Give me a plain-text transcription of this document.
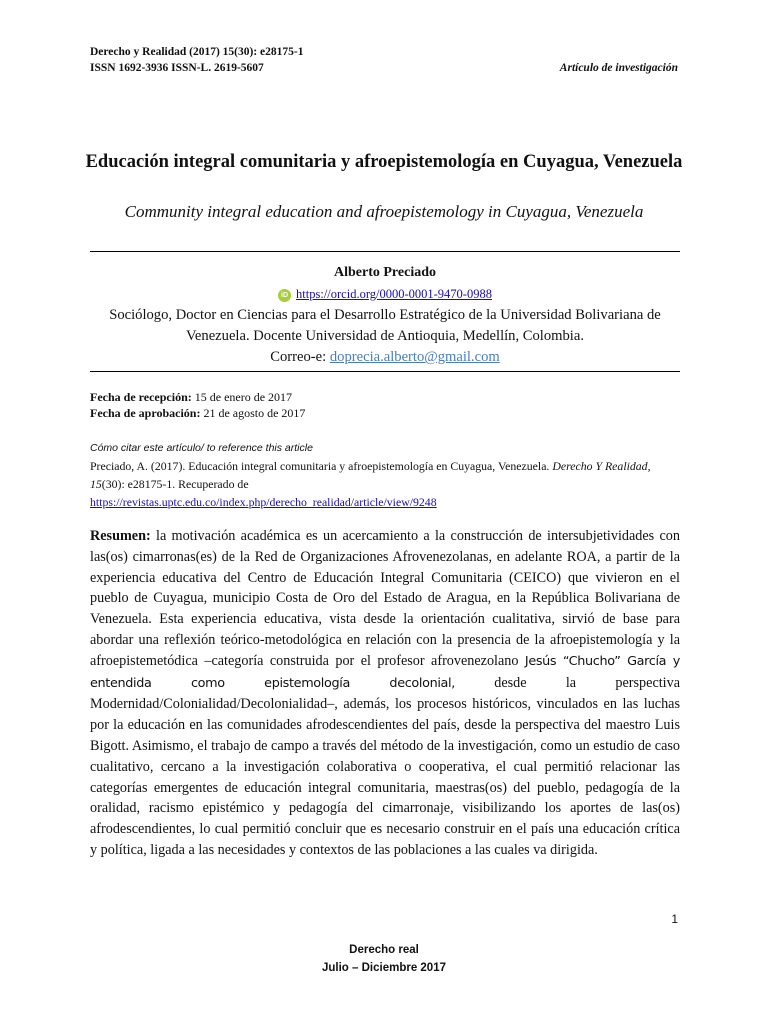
Derecho y Realidad (2017) 15(30): e28175-1
ISSN 1692-3936 ISSN-L. 2619-5607	Artículo de investigación
Educación integral comunitaria y afroepistemología en Cuyagua, Venezuela
Community integral education and afroepistemology in Cuyagua, Venezuela
Alberto Preciado
iD https://orcid.org/0000-0001-9470-0988
Sociólogo, Doctor en Ciencias para el Desarrollo Estratégico de la Universidad Bolivariana de
Venezuela. Docente Universidad de Antioquia, Medellín, Colombia.
Correo-e: doprecia.alberto@gmail.com
Fecha de recepción: 15 de enero de 2017
Fecha de aprobación: 21 de agosto de 2017
Cómo citar este artículo/ to reference this article
Preciado, A. (2017). Educación integral comunitaria y afroepistemología en Cuyagua, Venezuela. Derecho Y Realidad, 15(30): e28175-1. Recuperado de
https://revistas.uptc.edu.co/index.php/derecho_realidad/article/view/9248
Resumen: la motivación académica es un acercamiento a la construcción de intersubjetividades con las(os) cimarronas(es) de la Red de Organizaciones Afrovenezolanas, en adelante ROA, a partir de la experiencia educativa del Centro de Educación Integral Comunitaria (CEICO) que vivieron en el pueblo de Cuyagua, municipio Costa de Oro del Estado de Aragua, en la República Bolivariana de Venezuela. Esta experiencia educativa, vista desde la orientación cualitativa, sirvió de base para abordar una reflexión teórico-metodológica en relación con la presencia de la afroepistemología y la afroepistemetódica –categoría construida por el profesor afrovenezolano Jesús “Chucho” García y entendida como epistemología decolonial,	desde la perspectiva Modernidad/Colonialidad/Decolonialidad–, además, los procesos históricos, vinculados en las luchas por la educación en las comunidades afrodescendientes del país, desde la perspectiva del maestro Luis Bigott. Asimismo, el trabajo de campo a través del método de la investigación, como un estudio de caso cualitativo, cercano a la investigación colaborativa o cooperativa, el cual permitió relacionar las categorías emergentes de educación integral comunitaria, maestras(os) del pueblo, pedagogía de la oralidad, racismo epistémico y pedagogía del cimarronaje, visibilizando los aportes de las(os) afrodescendientes, lo cual permitió concluir que es necesario construir en el país una educación crítica y política, ligada a las necesidades y contextos de las poblaciones a las cuales va dirigida.
1
Derecho real
Julio – Diciembre 2017
